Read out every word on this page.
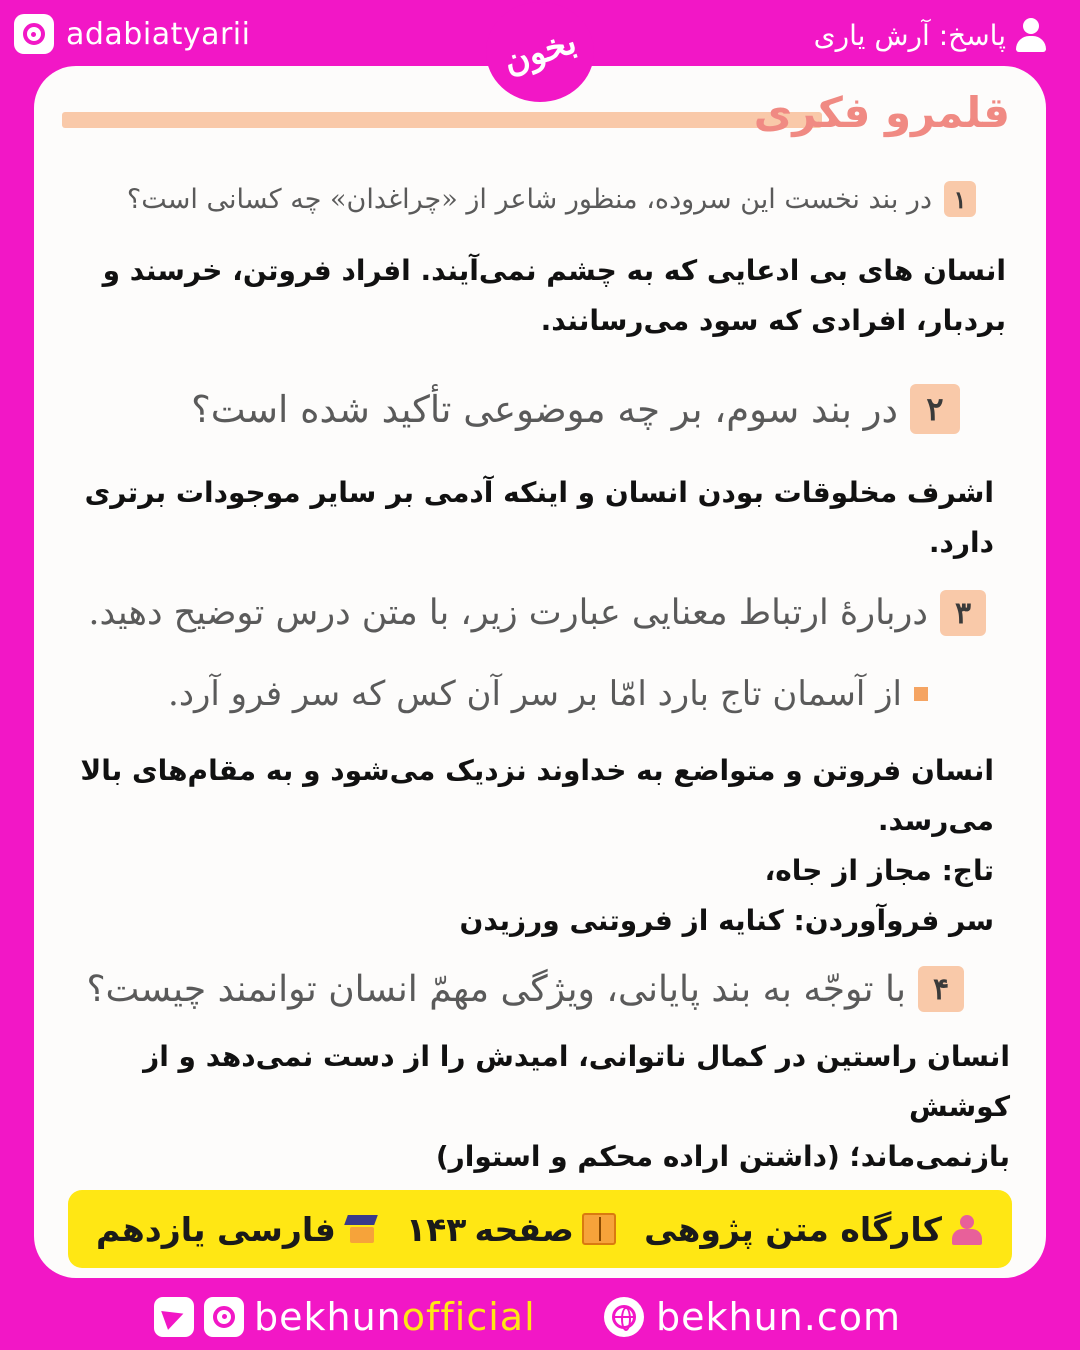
adabiatyarii	پاسخ: آرش یاری
بخون
قلمرو فکری
۱
در بند نخست این سروده، منظور شاعر از «چراغدان» چه کسانی است؟

انسان های بی ادعایی که به چشم نمی‌آیند. افراد فروتن، خرسند و

بردبار، افرادی که سود می‌رسانند.

۲
در بند سوم، بر چه موضوعی تأکید شده است؟

اشرف مخلوقات بودن انسان و اینکه آدمی بر سایر موجودات برتری

دارد.

۳
دربارهٔ ارتباط معنایی عبارت زیر، با متن درس توضیح دهید.
از آسمان تاج بارد امّا بر سر آن کس که سر فرو آرد.

انسان فروتن و متواضع به خداوند نزدیک می‌شود و به مقام‌های بالا

می‌رسد.

تاج: مجاز از جاه،

سر فروآوردن: کنایه از فروتنی ورزیدن

۴
با توجّه به بند پایانی، ویژگی مهمّ انسان توانمند چیست؟

انسان راستین در کمال ناتوانی، امیدش را از دست نمی‌دهد و از کوشش

بازنمی‌ماند؛ (داشتن اراده محکم و استوار)

کارگاه متن پژوهی
صفحه
۱۴۳
فارسی یازدهم
bekhunofficial	bekhun.com
